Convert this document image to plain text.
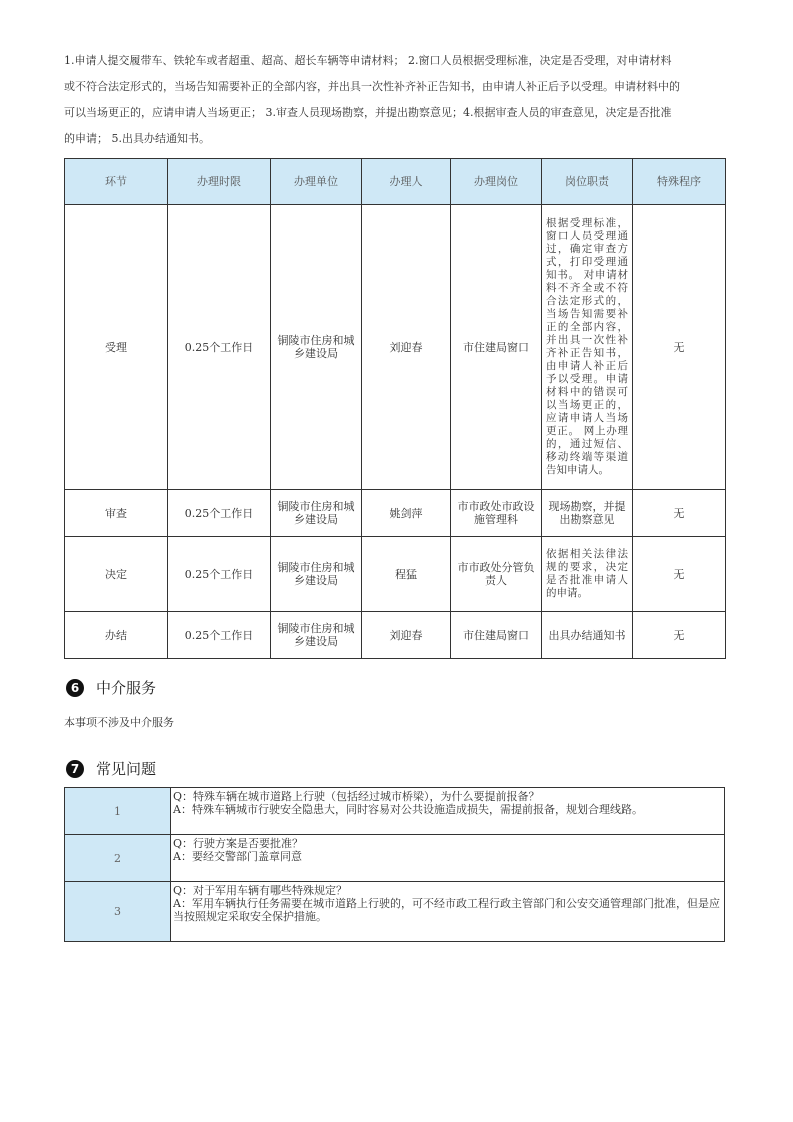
1.申请人提交履带车、铁轮车或者超重、超高、超长车辆等申请材料； 2.窗口人员根据受理标准，决定是否受理，对申请材料
或不符合法定形式的，当场告知需要补正的全部内容，并出具一次性补齐补正告知书，由申请人补正后予以受理。申请材料中的
可以当场更正的，应请申请人当场更正； 3.审查人员现场勘察，并提出勘察意见；4.根据审查人员的审查意见，决定是否批准
的申请； 5.出具办结通知书。
环节	办理时限	办理单位	办理人	办理岗位	岗位职责	特殊程序
受理	0.25个工作日	铜陵市住房和城乡建设局	刘迎春	市住建局窗口	根据受理标准，窗口人员受理通过，确定审查方式，打印受理通知书。 对申请材料不齐全或不符合法定形式的，当场告知需要补正的全部内容，并出具一次性补齐补正告知书，由申请人补正后予以受理。申请材料中的错误可以当场更正的，应请申请人当场更正。 网上办理的，通过短信、移动终端等渠道告知申请人。	无
审查	0.25个工作日	铜陵市住房和城乡建设局	姚剑萍	市市政处市政设施管理科	现场勘察，并提出勘察意见	无
决定	0.25个工作日	铜陵市住房和城乡建设局	程猛	市市政处分管负责人	依据相关法律法规的要求，决定是否批准申请人的申请。	无
办结	0.25个工作日	铜陵市住房和城乡建设局	刘迎春	市住建局窗口	出具办结通知书	无
6	中介服务
本事项不涉及中介服务
7	常见问题
1	Q：特殊车辆在城市道路上行驶（包括经过城市桥梁），为什么要提前报备？
A：特殊车辆城市行驶安全隐患大，同时容易对公共设施造成损失，需提前报备，规划合理线路。

2	Q：行驶方案是否要批准？
A：要经交警部门盖章同意

3	Q：对于军用车辆有哪些特殊规定？
A：军用车辆执行任务需要在城市道路上行驶的，可不经市政工程行政主管部门和公安交通管理部门批准，但是应当按照规定采取安全保护措施。
